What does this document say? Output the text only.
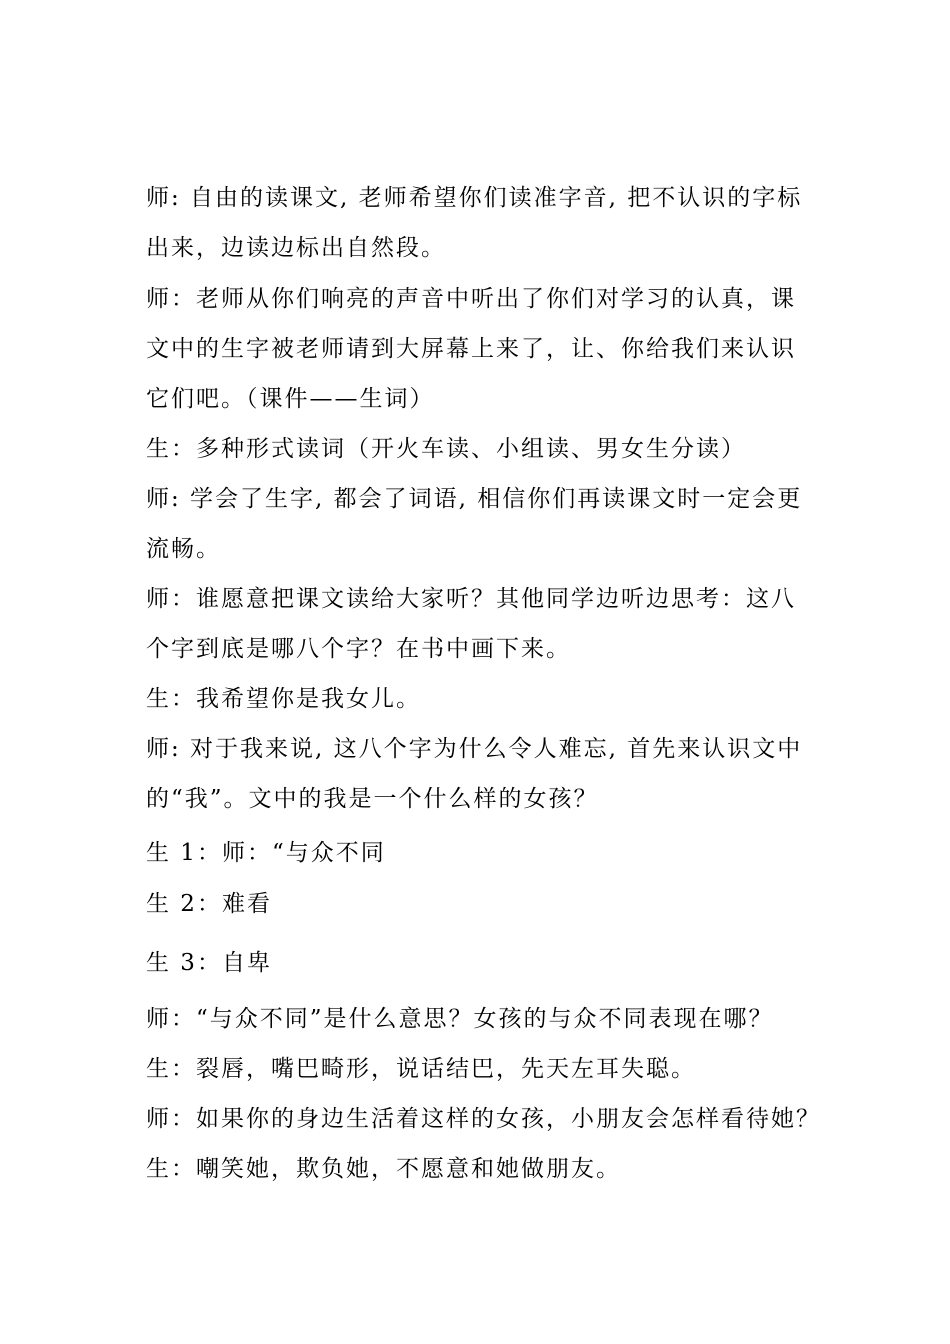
师: 自由的读课文, 老师希望你们读准字音, 把不认识的字标
出来，边读边标出自然段。
师：老师从你们响亮的声音中听出了你们对学习的认真，课
文中的生字被老师请到大屏幕上来了，让、你给我们来认识
它们吧。（课件——生词）
生：多种形式读词（开火车读、小组读、男女生分读）
师: 学会了生字, 都会了词语, 相信你们再读课文时一定会更
流畅。
师：谁愿意把课文读给大家听？其他同学边听边思考：这八
个字到底是哪八个字？在书中画下来。
生：我希望你是我女儿。
师: 对于我来说, 这八个字为什么令人难忘, 首先来认识文中
的“我”。文中的我是一个什么样的女孩？
生 1：师：“与众不同
生 2：难看
生 3：自卑
师：“与众不同”是什么意思？女孩的与众不同表现在哪？
生：裂唇，嘴巴畸形，说话结巴，先天左耳失聪。
师：如果你的身边生活着这样的女孩，小朋友会怎样看待她？
生：嘲笑她，欺负她，不愿意和她做朋友。
